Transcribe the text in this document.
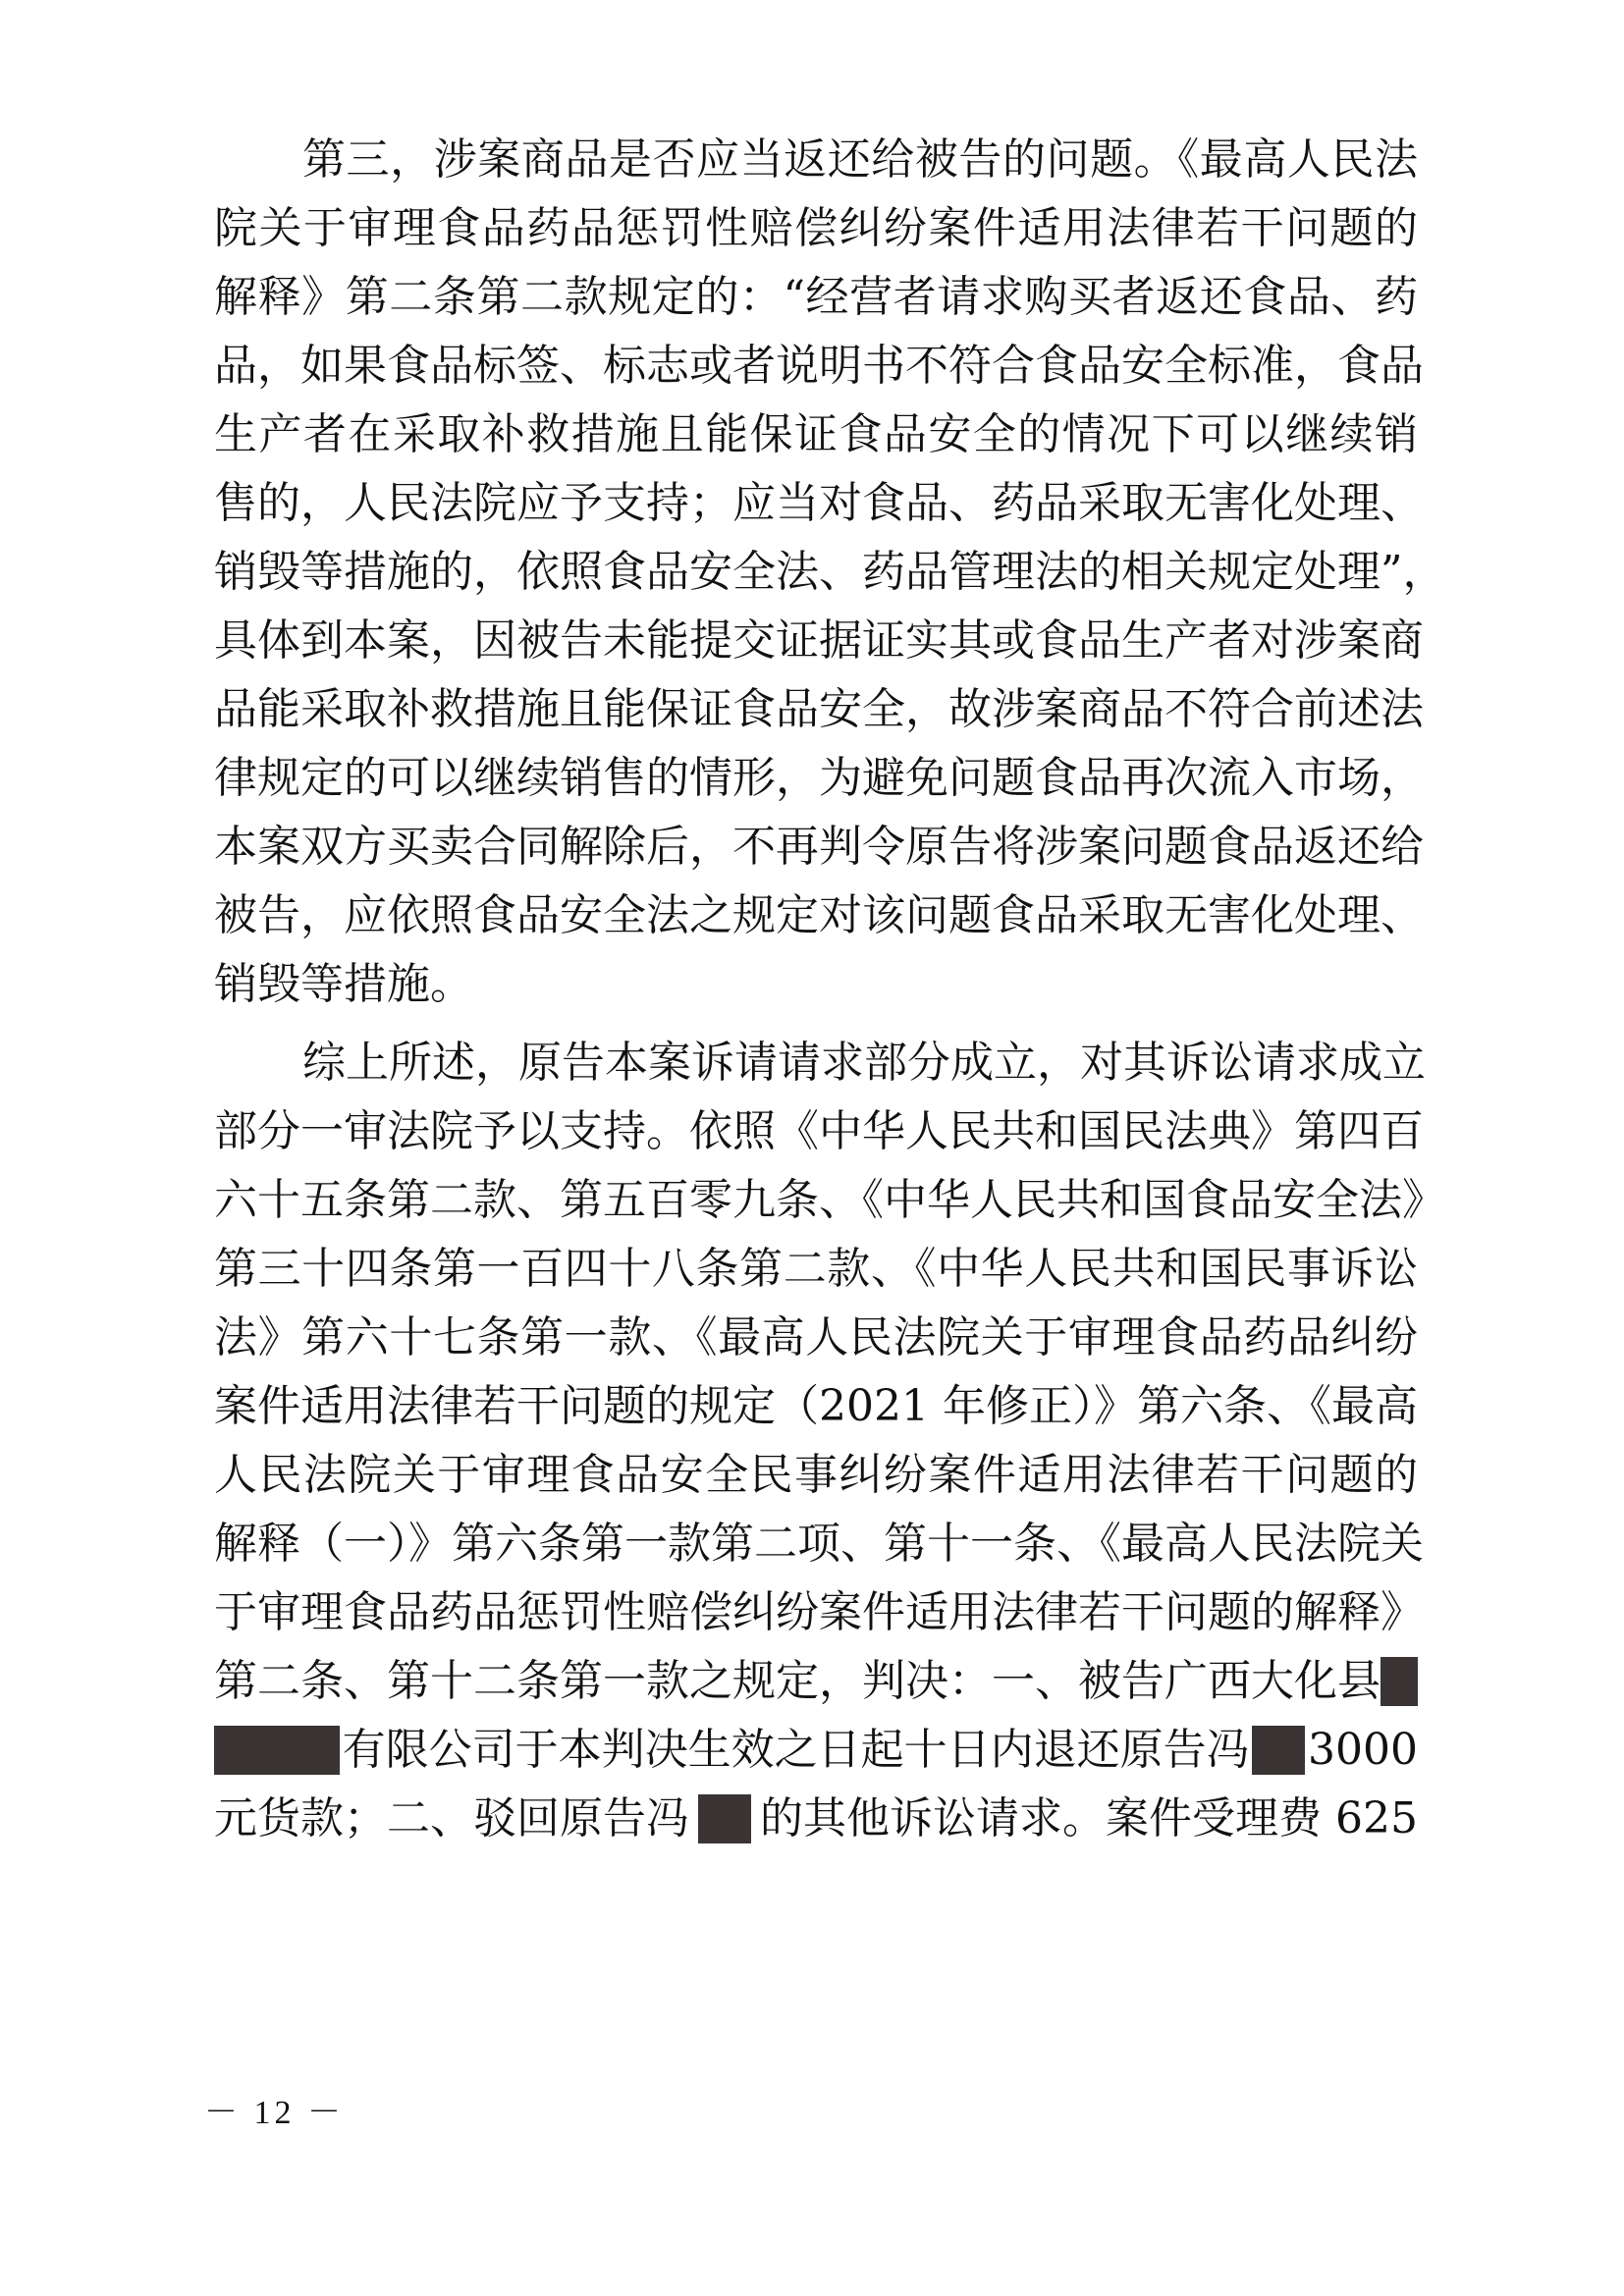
第三，涉案商品是否应当返还给被告的问题。《最高人民法
院关于审理食品药品惩罚性赔偿纠纷案件适用法律若干问题的
解释》第二条第二款规定的：“经营者请求购买者返还食品、药
品，如果食品标签、标志或者说明书不符合食品安全标准，食品
生产者在采取补救措施且能保证食品安全的情况下可以继续销
售的，人民法院应予支持；应当对食品、药品采取无害化处理、
销毁等措施的，依照食品安全法、药品管理法的相关规定处理”，
具体到本案，因被告未能提交证据证实其或食品生产者对涉案商
品能采取补救措施且能保证食品安全，故涉案商品不符合前述法
律规定的可以继续销售的情形，为避免问题食品再次流入市场，
本案双方买卖合同解除后，不再判令原告将涉案问题食品返还给
被告，应依照食品安全法之规定对该问题食品采取无害化处理、
销毁等措施。
综上所述，原告本案诉请请求部分成立，对其诉讼请求成立
部分一审法院予以支持。依照《中华人民共和国民法典》第四百
六十五条第二款、第五百零九条、《中华人民共和国食品安全法》
第三十四条第一百四十八条第二款、《中华人民共和国民事诉讼
法》第六十七条第一款、《最高人民法院关于审理食品药品纠纷
案件适用法律若干问题的规定（2021 年修正）》第六条、《最高
人民法院关于审理食品安全民事纠纷案件适用法律若干问题的
解释（一）》第六条第一款第二项、第十一条、《最高人民法院关
于审理食品药品惩罚性赔偿纠纷案件适用法律若干问题的解释》
第二条、第十二条第一款之规定，判决：一、被告广西大化县
有限公司于本判决生效之日起十日内退还原告冯 3000
元货款；二、驳回原告冯 的其他诉讼请求。案件受理费 625
－ 12 －
